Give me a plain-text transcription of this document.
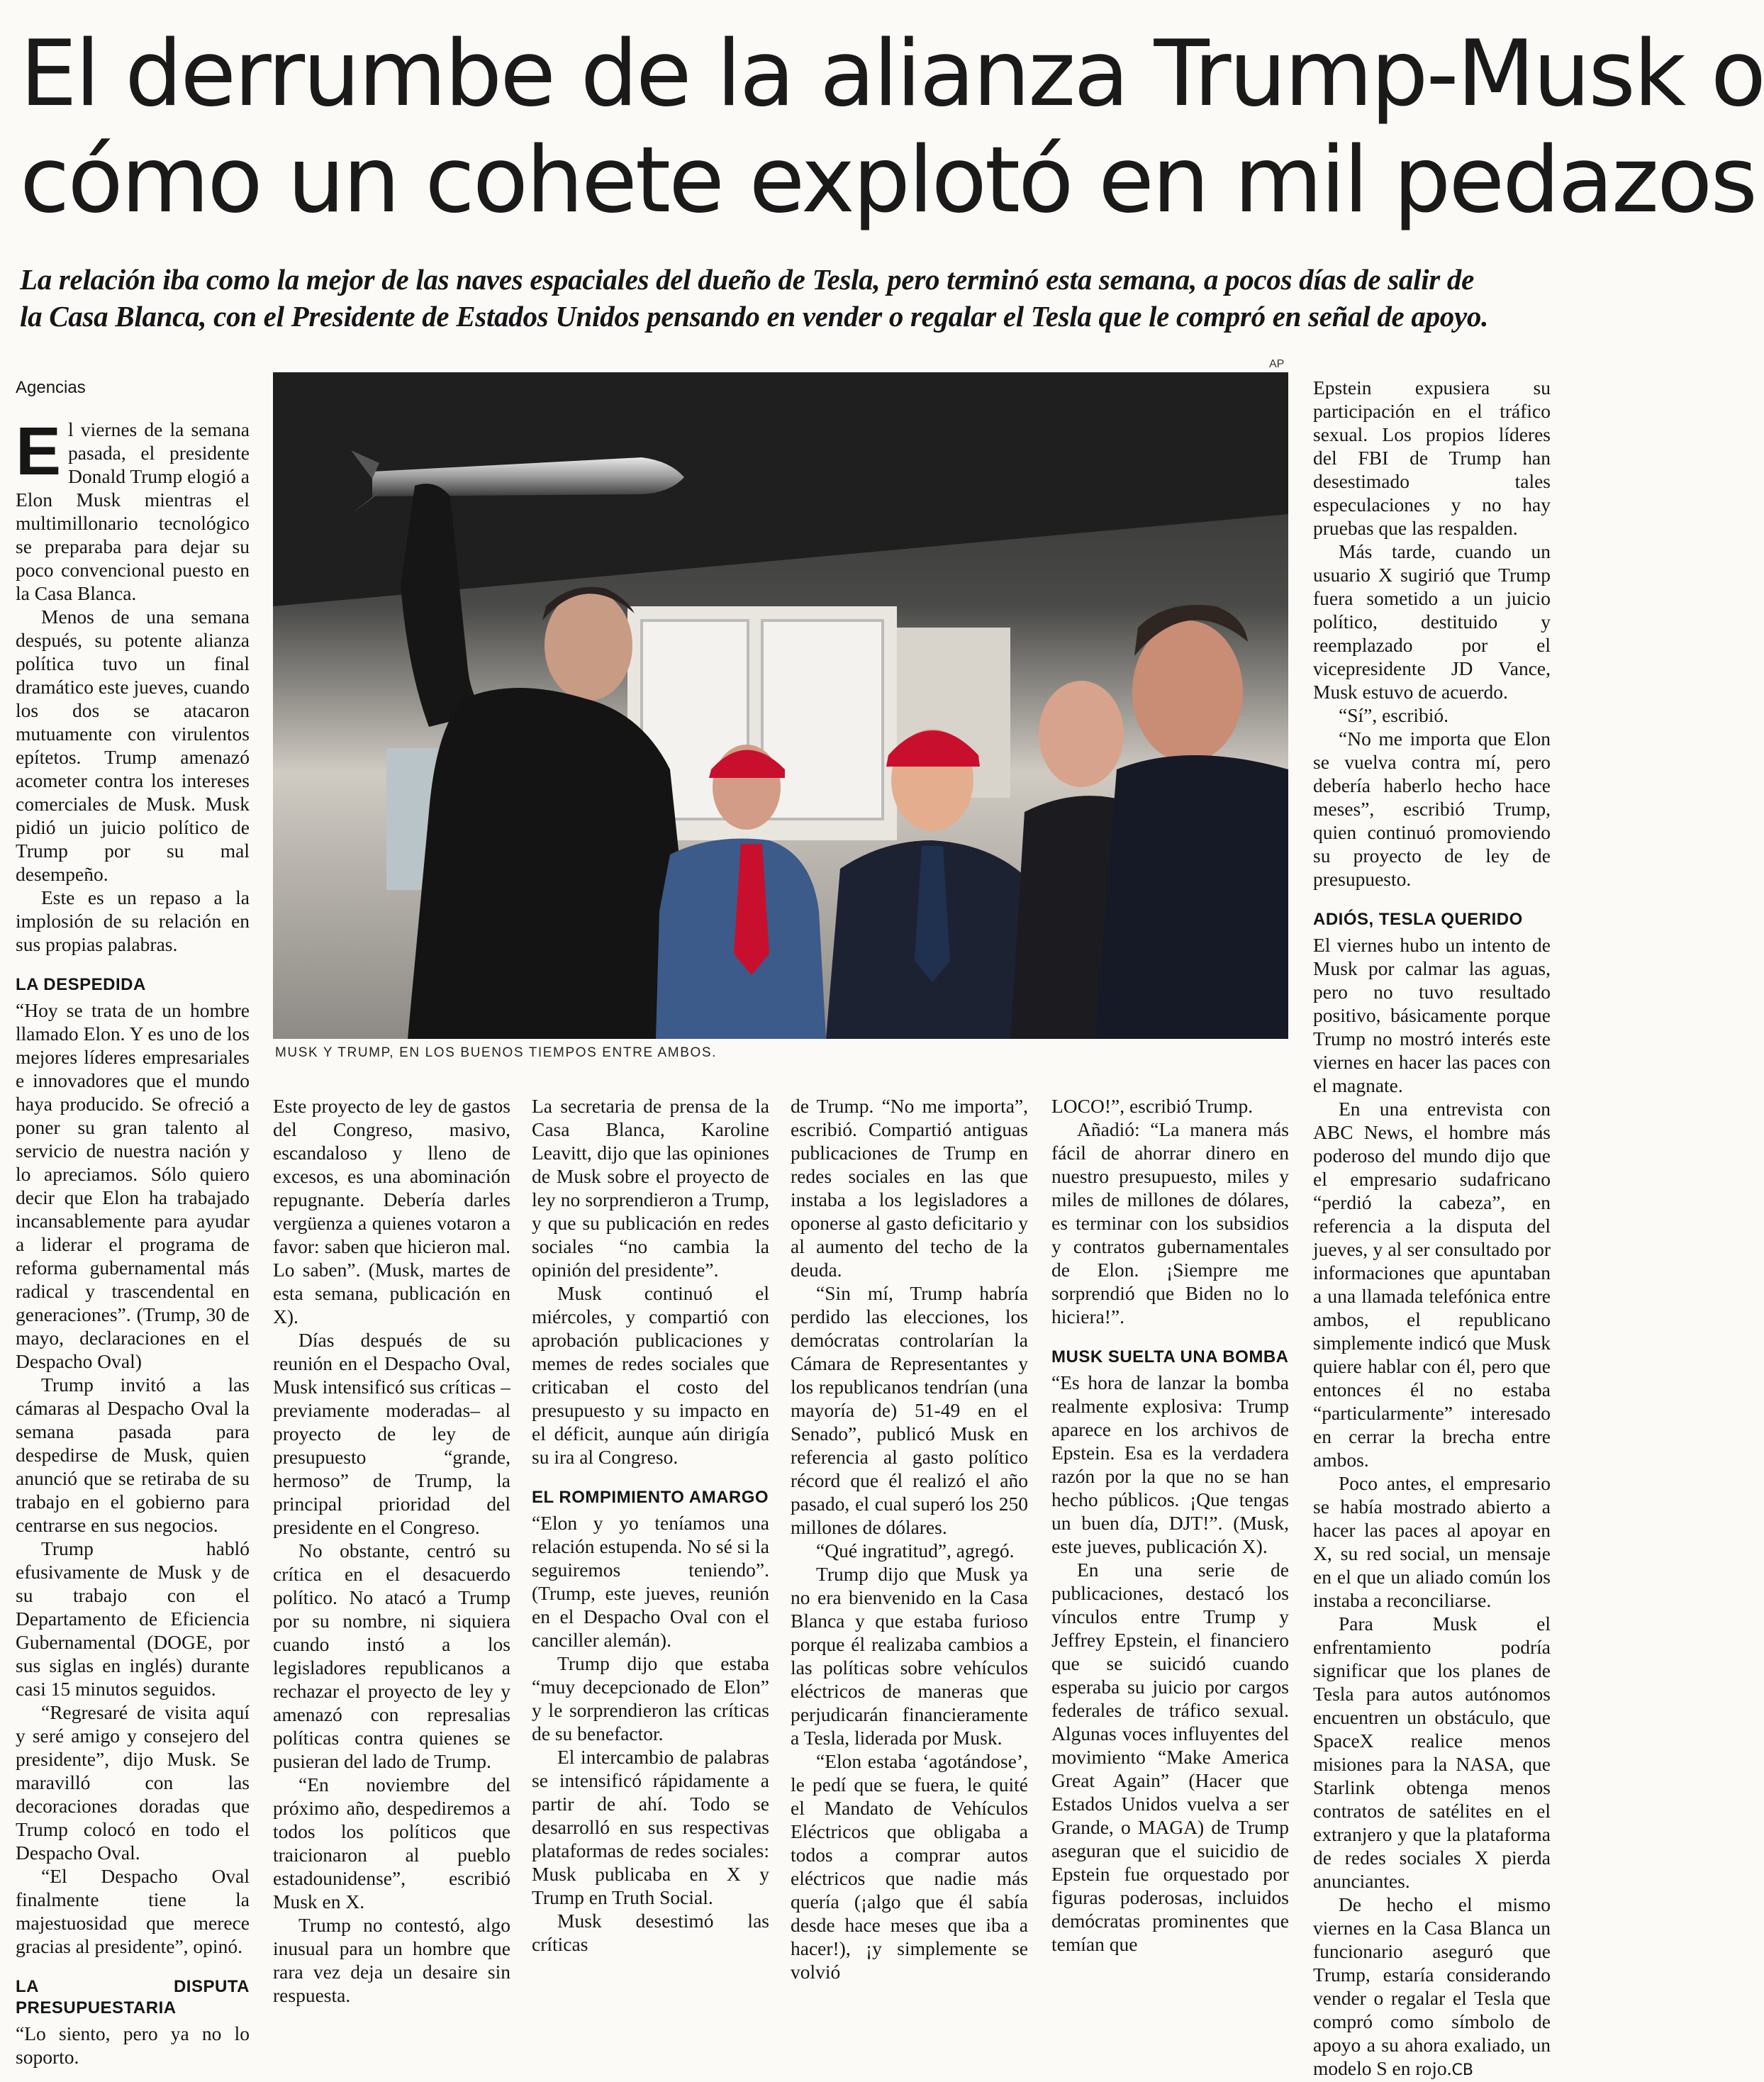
El derrumbe de la alianza Trump-Musk o
cómo un cohete explotó en mil pedazos
La relación iba como la mejor de las naves espaciales del dueño de Tesla, pero terminó esta semana, a pocos días de salir de
la Casa Blanca, con el Presidente de Estados Unidos pensando en vender o regalar el Tesla que le compró en señal de apoyo.
AP
MUSK Y TRUMP, EN LOS BUENOS TIEMPOS ENTRE AMBOS.
Agencias

El viernes de la semana pasada, el presidente Donald Trump elogió a Elon Musk mientras el multimillonario tecnológico se preparaba para dejar su poco convencional puesto en la Casa Blanca.

Menos de una semana después, su potente alianza política tuvo un final dramático este jueves, cuando los dos se atacaron mutuamente con virulentos epítetos. Trump amenazó acometer contra los intereses comerciales de Musk. Musk pidió un juicio político de Trump por su mal desempeño.

Este es un repaso a la implosión de su relación en sus propias palabras.

LA DESPEDIDA

“Hoy se trata de un hombre llamado Elon. Y es uno de los mejores líderes empresariales e innovadores que el mundo haya producido. Se ofreció a poner su gran talento al servicio de nuestra nación y lo apreciamos. Sólo quiero decir que Elon ha trabajado incansablemente para ayudar a liderar el programa de reforma gubernamental más radical y trascendental en generaciones”. (Trump, 30 de mayo, declaraciones en el Despacho Oval)

Trump invitó a las cámaras al Despacho Oval la semana pasada para despedirse de Musk, quien anunció que se retiraba de su trabajo en el gobierno para centrarse en sus negocios.

Trump habló efusivamente de Musk y de su trabajo con el Departamento de Eficiencia Gubernamental (DOGE, por sus siglas en inglés) durante casi 15 minutos seguidos.

“Regresaré de visita aquí y seré amigo y consejero del presidente”, dijo Musk. Se maravilló con las decoraciones doradas que Trump colocó en todo el Despacho Oval.

“El Despacho Oval finalmente tiene la majestuosidad que merece gracias al presidente”, opinó.

LA DISPUTA PRESUPUESTARIA

“Lo siento, pero ya no lo soporto.

Este proyecto de ley de gastos del Congreso, masivo, escandaloso y lleno de excesos, es una abominación repugnante. Debería darles vergüenza a quienes votaron a favor: saben que hicieron mal. Lo saben”. (Musk, martes de esta semana, publicación en X).

Días después de su reunión en el Despacho Oval, Musk intensificó sus críticas –previamente moderadas– al proyecto de ley de presupuesto “grande, hermoso” de Trump, la principal prioridad del presidente en el Congreso.

No obstante, centró su crítica en el desacuerdo político. No atacó a Trump por su nombre, ni siquiera cuando instó a los legisladores republicanos a rechazar el proyecto de ley y amenazó con represalias políticas contra quienes se pusieran del lado de Trump.

“En noviembre del próximo año, despediremos a todos los políticos que traicionaron al pueblo estadounidense”, escribió Musk en X.

Trump no contestó, algo inusual para un hombre que rara vez deja un desaire sin respuesta.

La secretaria de prensa de la Casa Blanca, Karoline Leavitt, dijo que las opiniones de Musk sobre el proyecto de ley no sorprendieron a Trump, y que su publicación en redes sociales “no cambia la opinión del presidente”.

Musk continuó el miércoles, y compartió con aprobación publicaciones y memes de redes sociales que criticaban el costo del presupuesto y su impacto en el déficit, aunque aún dirigía su ira al Congreso.

EL ROMPIMIENTO AMARGO

“Elon y yo teníamos una relación estupenda. No sé si la seguiremos teniendo”. (Trump, este jueves, reunión en el Despacho Oval con el canciller alemán).

Trump dijo que estaba “muy decepcionado de Elon” y le sorprendieron las críticas de su benefactor.

El intercambio de palabras se intensificó rápidamente a partir de ahí. Todo se desarrolló en sus respectivas plataformas de redes sociales: Musk publicaba en X y Trump en Truth Social.

Musk desestimó las críticas

de Trump. “No me importa”, escribió. Compartió antiguas publicaciones de Trump en redes sociales en las que instaba a los legisladores a oponerse al gasto deficitario y al aumento del techo de la deuda.

“Sin mí, Trump habría perdido las elecciones, los demócratas controlarían la Cámara de Representantes y los republicanos tendrían (una mayoría de) 51-49 en el Senado”, publicó Musk en referencia al gasto político récord que él realizó el año pasado, el cual superó los 250 millones de dólares.

“Qué ingratitud”, agregó.

Trump dijo que Musk ya no era bienvenido en la Casa Blanca y que estaba furioso porque él realizaba cambios a las políticas sobre vehículos eléctricos de maneras que perjudicarán financieramente a Tesla, liderada por Musk.

“Elon estaba ‘agotándose’, le pedí que se fuera, le quité el Mandato de Vehículos Eléctricos que obligaba a todos a comprar autos eléctricos que nadie más quería (¡algo que él sabía desde hace meses que iba a hacer!), ¡y simplemente se volvió

LOCO!”, escribió Trump.

Añadió: “La manera más fácil de ahorrar dinero en nuestro presupuesto, miles y miles de millones de dólares, es terminar con los subsidios y contratos gubernamentales de Elon. ¡Siempre me sorprendió que Biden no lo hiciera!”.

MUSK SUELTA UNA BOMBA

“Es hora de lanzar la bomba realmente explosiva: Trump aparece en los archivos de Epstein. Esa es la verdadera razón por la que no se han hecho públicos. ¡Que tengas un buen día, DJT!”. (Musk, este jueves, publicación X).

En una serie de publicaciones, destacó los vínculos entre Trump y Jeffrey Epstein, el financiero que se suicidó cuando esperaba su juicio por cargos federales de tráfico sexual. Algunas voces influyentes del movimiento “Make America Great Again” (Hacer que Estados Unidos vuelva a ser Grande, o MAGA) de Trump aseguran que el suicidio de Epstein fue orquestado por figuras poderosas, incluidos demócratas prominentes que temían que

Epstein expusiera su participación en el tráfico sexual. Los propios líderes del FBI de Trump han desestimado tales especulaciones y no hay pruebas que las respalden.

Más tarde, cuando un usuario X sugirió que Trump fuera sometido a un juicio político, destituido y reemplazado por el vicepresidente JD Vance, Musk estuvo de acuerdo.

“Sí”, escribió.

“No me importa que Elon se vuelva contra mí, pero debería haberlo hecho hace meses”, escribió Trump, quien continuó promoviendo su proyecto de ley de presupuesto.

ADIÓS, TESLA QUERIDO

El viernes hubo un intento de Musk por calmar las aguas, pero no tuvo resultado positivo, básicamente porque Trump no mostró interés este viernes en hacer las paces con el magnate.

En una entrevista con ABC News, el hombre más poderoso del mundo dijo que el empresario sudafricano “perdió la cabeza”, en referencia a la disputa del jueves, y al ser consultado por informaciones que apuntaban a una llamada telefónica entre ambos, el republicano simplemente indicó que Musk quiere hablar con él, pero que entonces él no estaba “particularmente” interesado en cerrar la brecha entre ambos.

Poco antes, el empresario se había mostrado abierto a hacer las paces al apoyar en X, su red social, un mensaje en el que un aliado común los instaba a reconciliarse.

Para Musk el enfrentamiento podría significar que los planes de Tesla para autos autónomos encuentren un obstáculo, que SpaceX realice menos misiones para la NASA, que Starlink obtenga menos contratos de satélites en el extranjero y que la plataforma de redes sociales X pierda anunciantes.

De hecho el mismo viernes en la Casa Blanca un funcionario aseguró que Trump, estaría considerando vender o regalar el Tesla que compró como símbolo de apoyo a su ahora exaliado, un modelo S en rojo.CB
